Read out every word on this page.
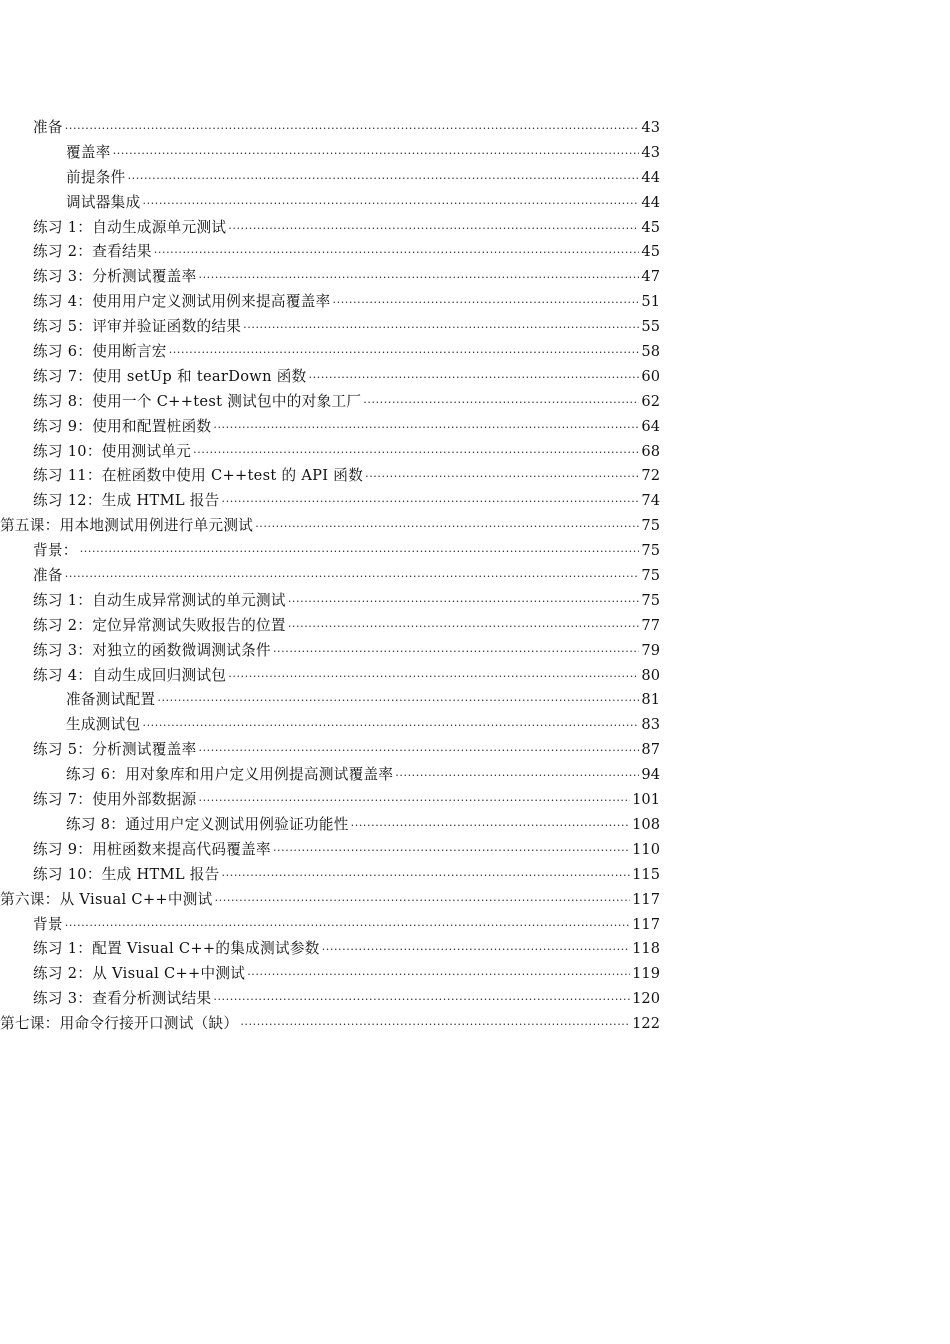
准备 .....	43
覆盖率 .....	43
前提条件 .....	44
调试器集成 .....	44
练习 1：自动生成源单元测试 .....	45
练习 2：查看结果 .....	45
练习 3：分析测试覆盖率 .....	47
练习 4：使用用户定义测试用例来提高覆盖率 .....	51
练习 5：评审并验证函数的结果 .....	55
练习 6：使用断言宏 .....	58
练习 7：使用 setUp 和 tearDown 函数 .....	60
练习 8：使用一个 C++test 测试包中的对象工厂 .....	62
练习 9：使用和配置桩函数 .....	64
练习 10：使用测试单元 .....	68
练习 11：在桩函数中使用 C++test 的 API 函数 .....	72
练习 12：生成 HTML 报告 .....	74
第五课：用本地测试用例进行单元测试 .....	75
背景： .....	75
准备 .....	75
练习 1：自动生成异常测试的单元测试 .....	75
练习 2：定位异常测试失败报告的位置 .....	77
练习 3：对独立的函数微调测试条件 .....	79
练习 4：自动生成回归测试包 .....	80
准备测试配置 .....	81
生成测试包 .....	83
练习 5：分析测试覆盖率 .....	87
练习 6：用对象库和用户定义用例提高测试覆盖率 .....	94
练习 7：使用外部数据源 .....	101
练习 8：通过用户定义测试用例验证功能性 .....	108
练习 9：用桩函数来提高代码覆盖率 .....	110
练习 10：生成 HTML 报告 .....	115
第六课：从 Visual C++中测试 .....	117
背景 .....	117
练习 1：配置 Visual C++的集成测试参数 .....	118
练习 2：从 Visual C++中测试 .....	119
练习 3：查看分析测试结果 .....	120
第七课：用命令行接开口测试（缺） .....	122
